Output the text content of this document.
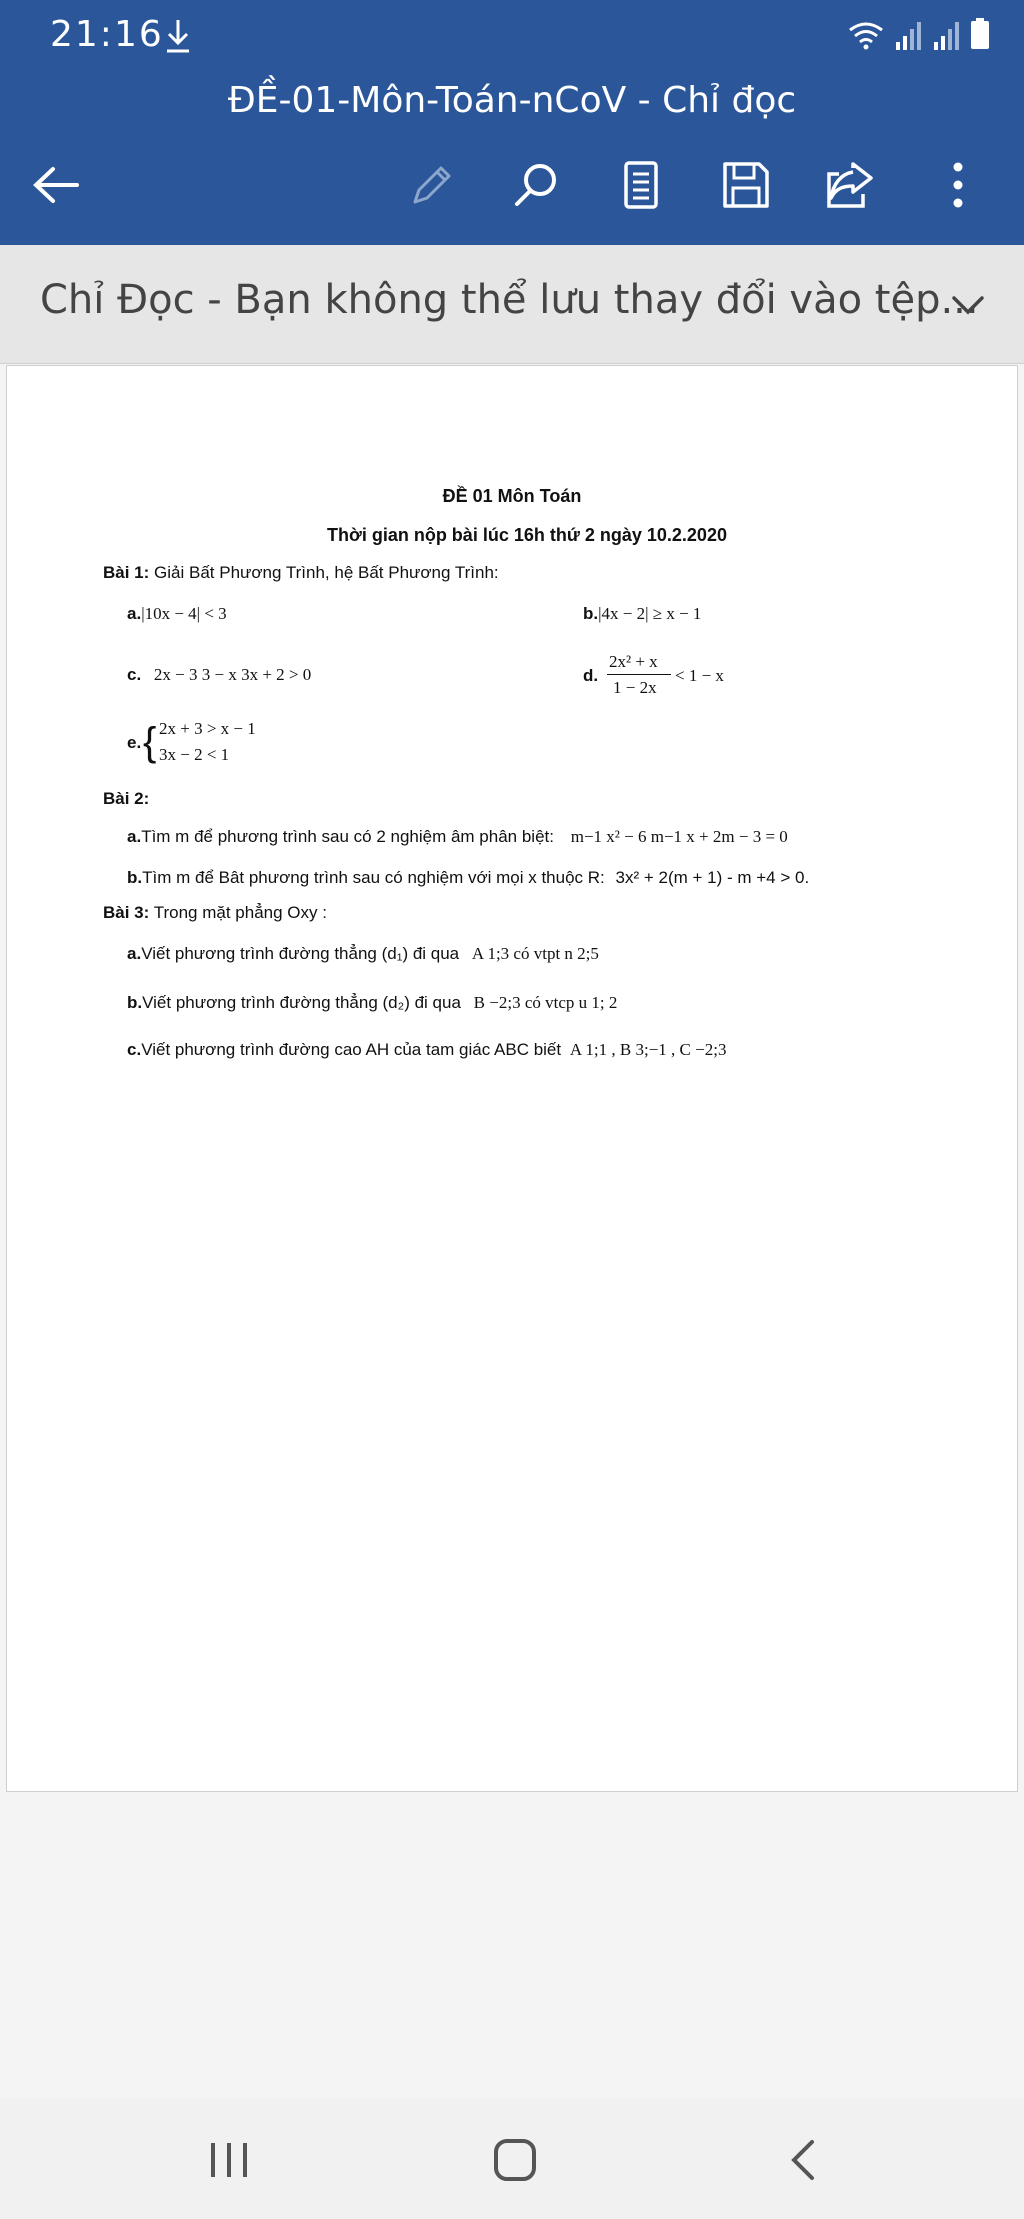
21:16
ĐỀ-01-Môn-Toán-nCoV - Chỉ đọc
Chỉ Đọc - Bạn không thể lưu thay đổi vào tệp...
ĐỀ 01 Môn Toán
Thời gian nộp bài lúc 16h thứ 2 ngày 10.2.2020
Bài 1: Giải Bất Phương Trình, hệ Bất Phương Trình:
a.|10x − 4| < 3	b.|4x − 2| ≥ x − 1
c. 2x − 3 3 − x 3x + 2 > 0	d.
2x² + x
1 − 2x
< 1 − x
e. { 2x + 3 > x − 1
3x − 2 < 1
Bài 2:
a.Tìm m để phương trình sau có 2 nghiệm âm phân biệt: m−1 x² − 6 m−1 x + 2m − 3 = 0
b.Tìm m để Bât phương trình sau có nghiệm với mọi x thuộc R: 3x² + 2(m + 1) - m +4 > 0.
Bài 3: Trong mặt phẳng Oxy :
a.Viết phương trình đường thẳng (d₁) đi qua A 1;3 có vtpt n 2;5
b.Viết phương trình đường thẳng (d₂) đi qua B −2;3 có vtcp u 1; 2
c.Viết phương trình đường cao AH của tam giác ABC biết A 1;1 , B 3;−1 , C −2;3
